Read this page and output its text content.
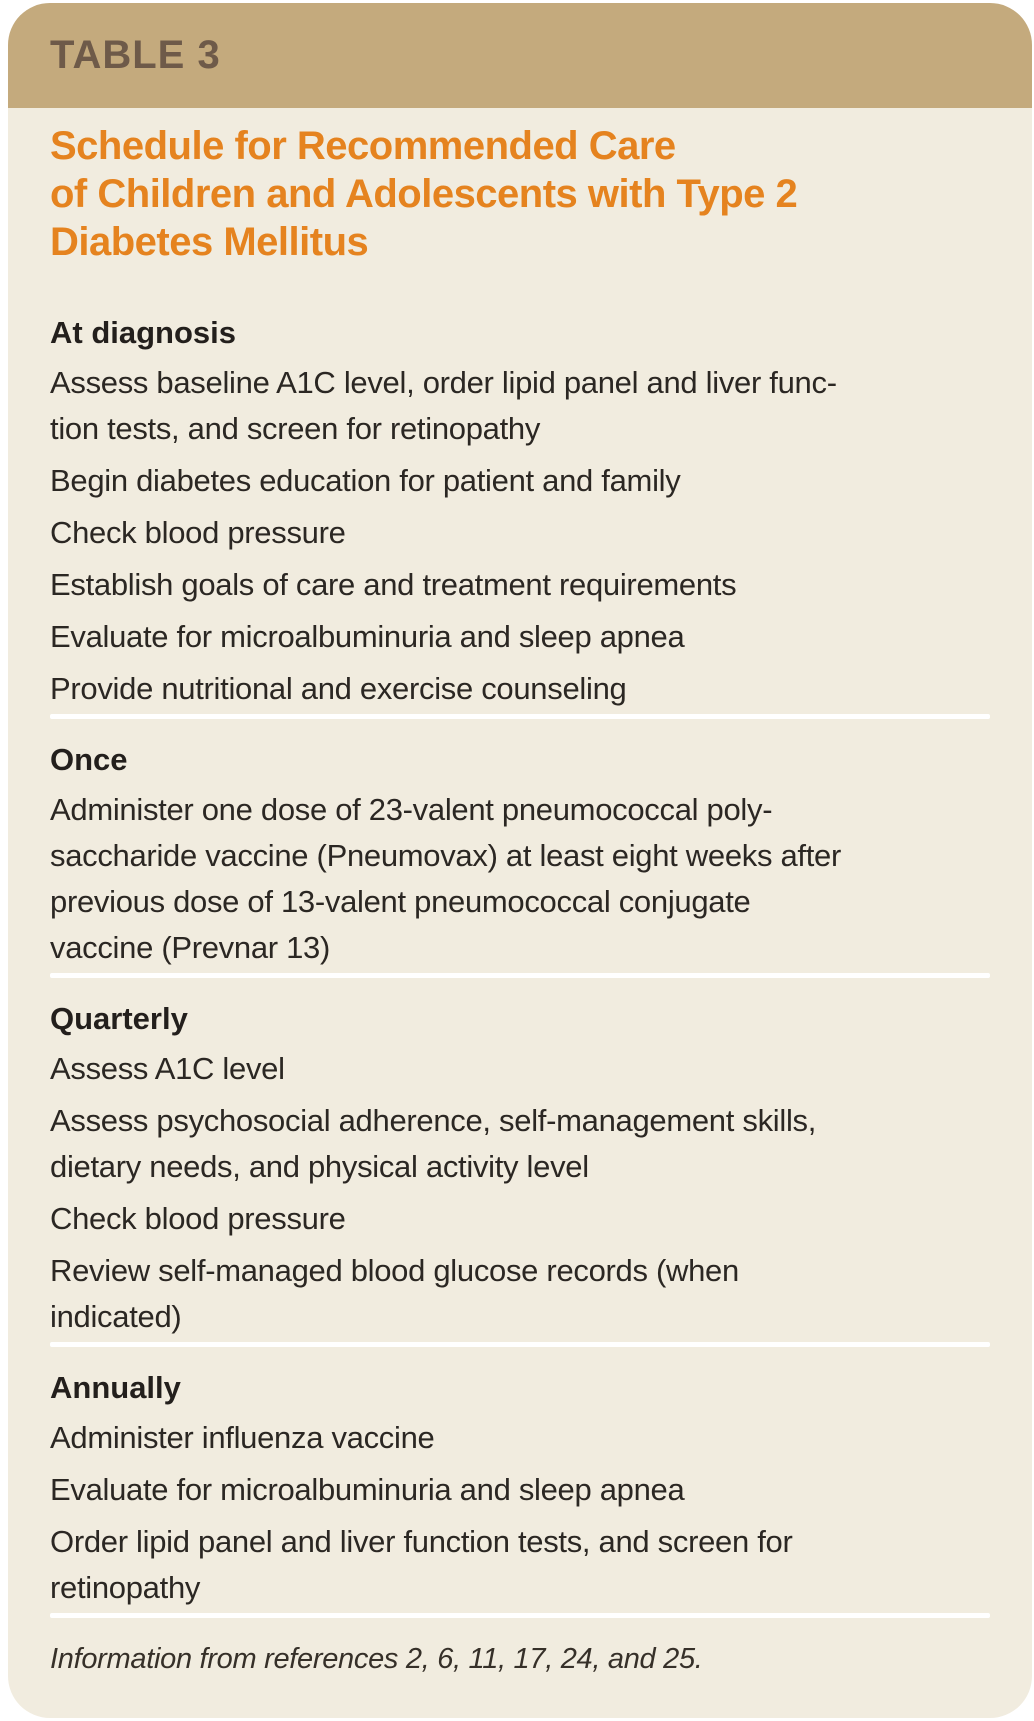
TABLE 3
Schedule for Recommended Care
of Children and Adolescents with Type 2
Diabetes Mellitus
At diagnosis
Assess baseline A1C level, order lipid panel and liver func-
tion tests, and screen for retinopathy
Begin diabetes education for patient and family
Check blood pressure
Establish goals of care and treatment requirements
Evaluate for microalbuminuria and sleep apnea
Provide nutritional and exercise counseling
Once
Administer one dose of 23-valent pneumococcal poly-
saccharide vaccine (Pneumovax) at least eight weeks after
previous dose of 13-valent pneumococcal conjugate
vaccine (Prevnar 13)
Quarterly
Assess A1C level
Assess psychosocial adherence, self-management skills,
dietary needs, and physical activity level
Check blood pressure
Review self-managed blood glucose records (when
indicated)
Annually
Administer influenza vaccine
Evaluate for microalbuminuria and sleep apnea
Order lipid panel and liver function tests, and screen for
retinopathy

Information from references 2, 6, 11, 17, 24, and 25.
